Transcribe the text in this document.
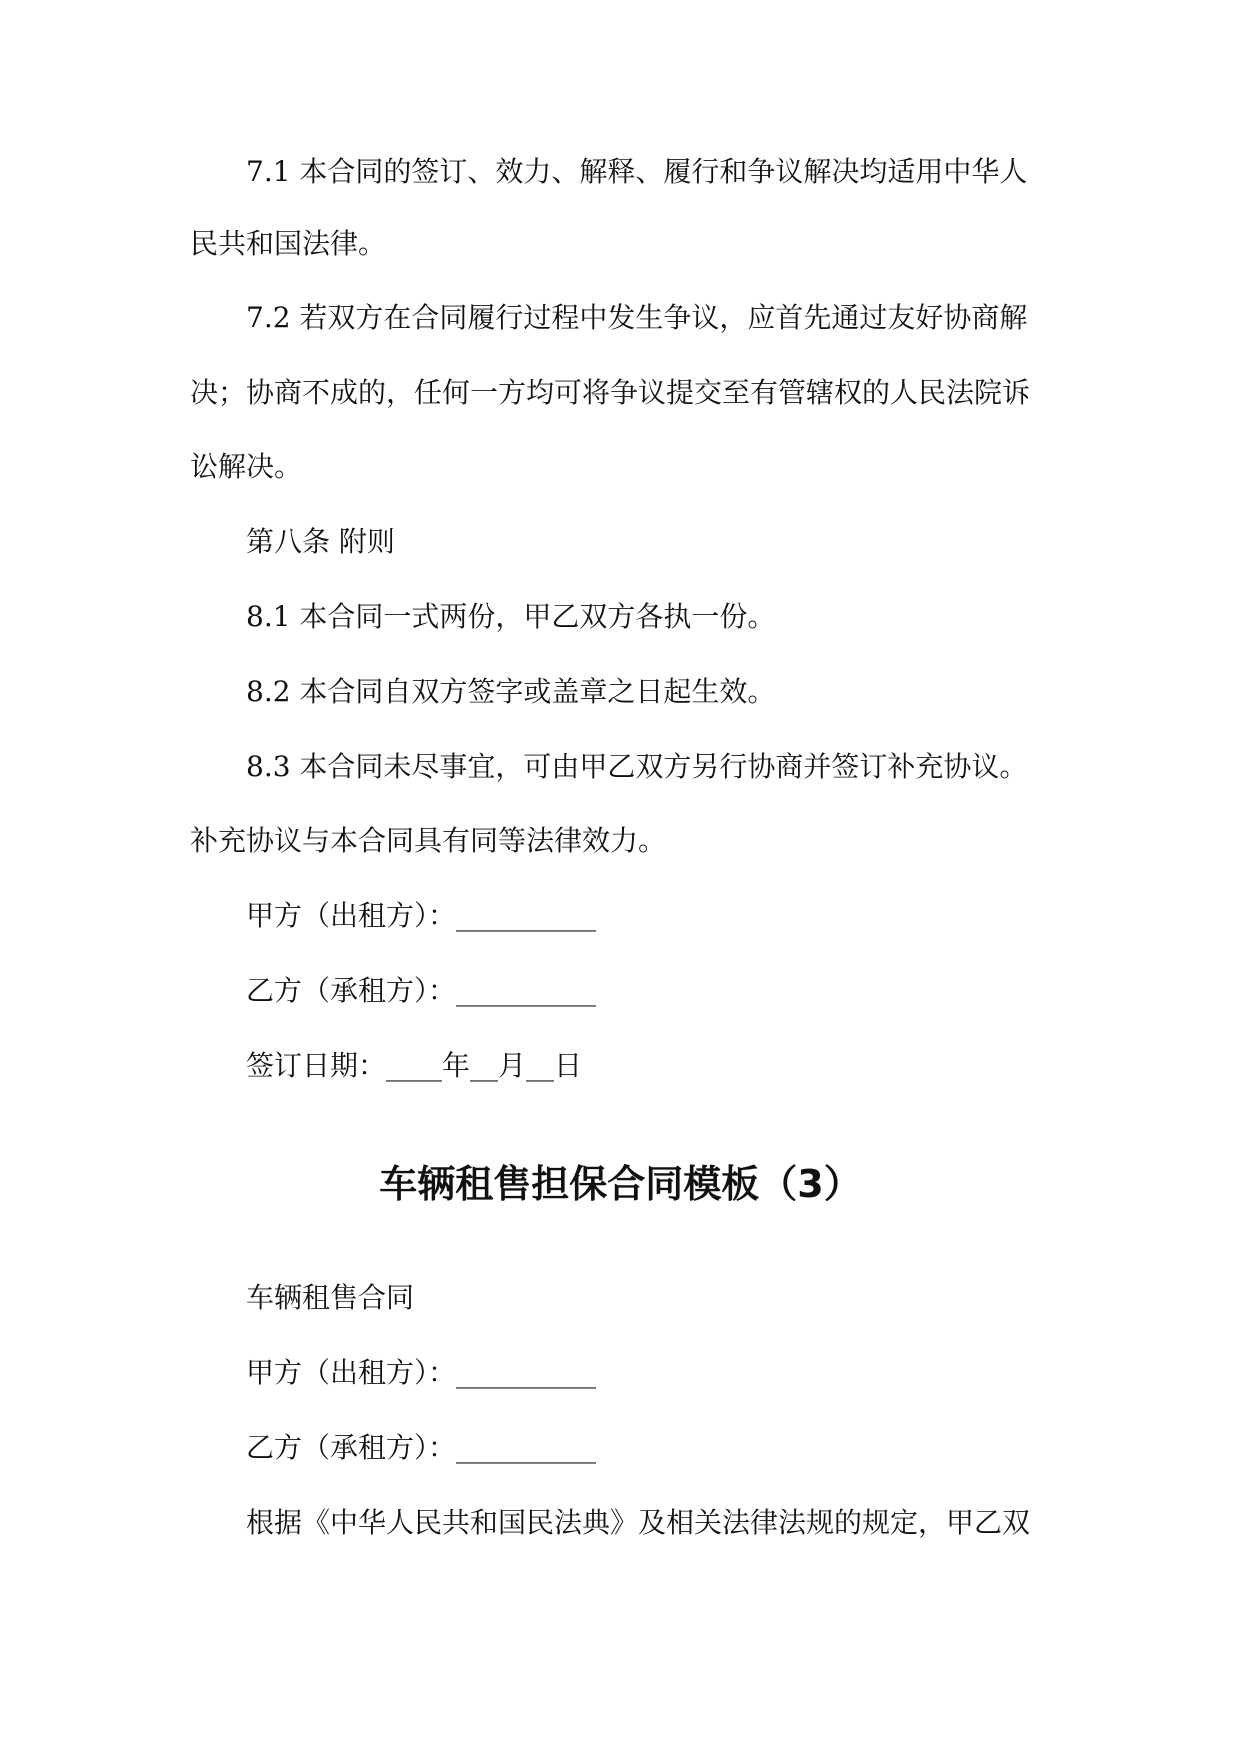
7.1 本合同的签订、效力、解释、履行和争议解决均适用中华人

民共和国法律。

7.2 若双方在合同履行过程中发生争议，应首先通过友好协商解

决；协商不成的，任何一方均可将争议提交至有管辖权的人民法院诉

讼解决。

第八条 附则

8.1 本合同一式两份，甲乙双方各执一份。

8.2 本合同自双方签字或盖章之日起生效。

8.3 本合同未尽事宜，可由甲乙双方另行协商并签订补充协议。

补充协议与本合同具有同等法律效力。

甲方（出租方）：__________

乙方（承租方）：__________

签订日期：____年__月__日

车辆租售担保合同模板（3）

车辆租售合同

甲方（出租方）：__________

乙方（承租方）：__________

根据《中华人民共和国民法典》及相关法律法规的规定，甲乙双
